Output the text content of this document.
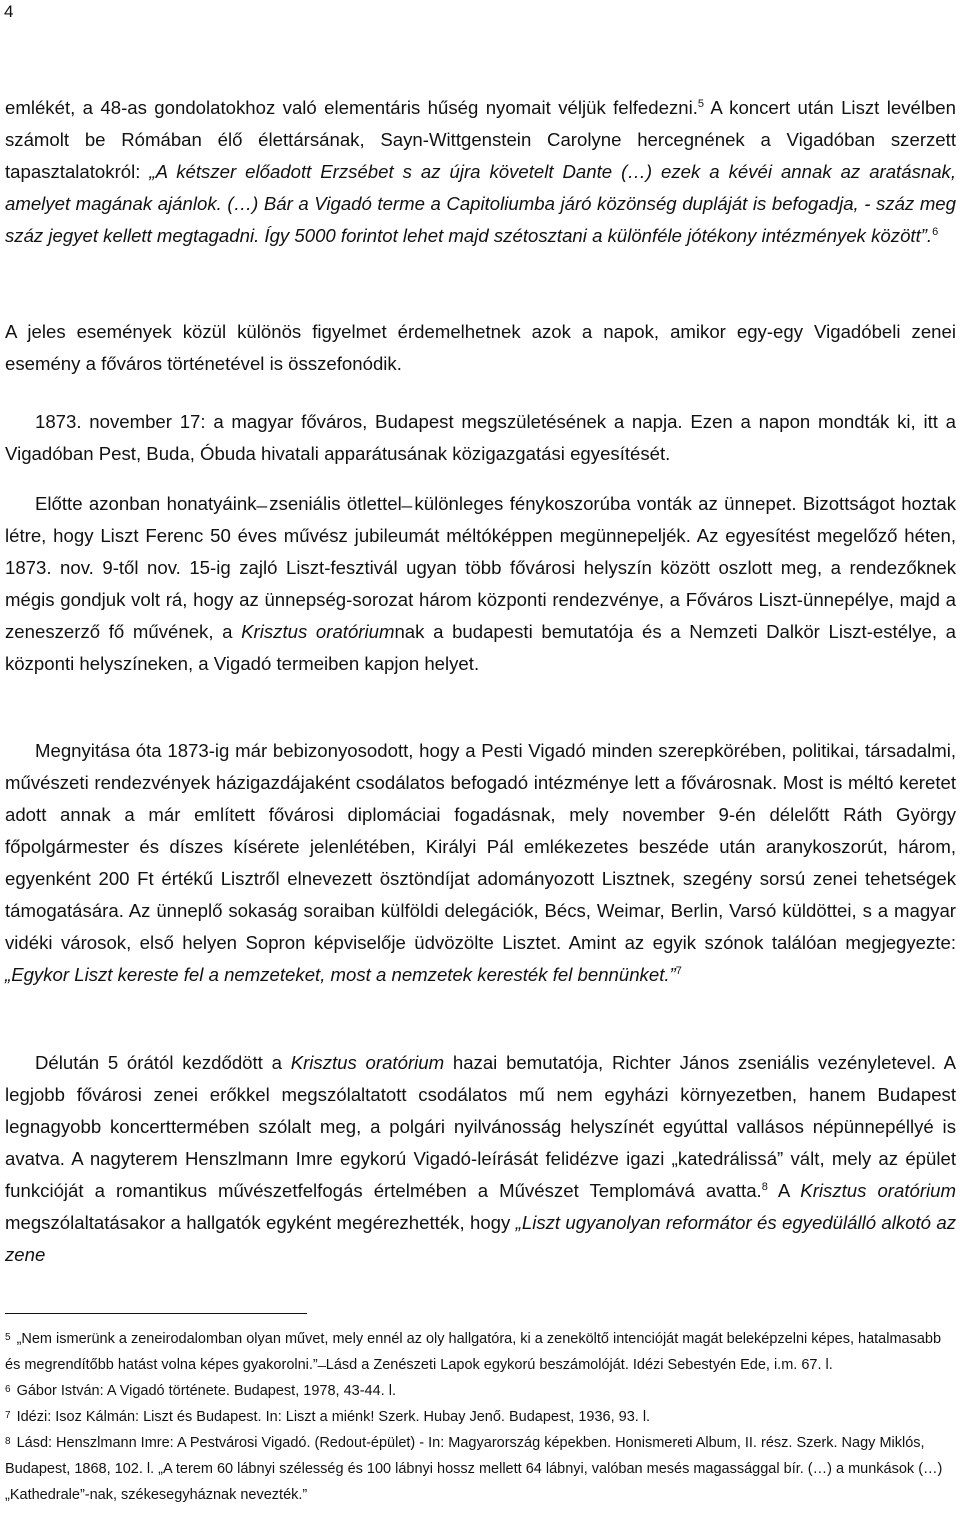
4

emlékét, a 48-as gondolatokhoz való elementáris hűség nyomait véljük felfedezni.$^5$ A koncert után Liszt levélben számolt be Rómában élő élettársának, Sayn-Wittgenstein Carolyne hercegnének a Vigadóban szerzett tapasztalatokról: „A kétszer előadott Erzsébet s az újra követelt Dante (…) ezek a kévéi annak az aratásnak, amelyet magának ajánlok. (…) Bár a Vigadó terme a Capitoliumba járó közönség dupláját is befogadja, - száz meg száz jegyet kellett megtagadni. Így 5000 forintot lehet majd szétosztani a különféle jótékony intézmények között”.$^6$

A jeles események közül különös figyelmet érdemelhetnek azok a napok, amikor egy-egy Vigadóbeli zenei esemény a főváros történetével is összefonódik.

1873. november 17: a magyar főváros, Budapest megszületésének a napja. Ezen a napon mondták ki, itt a Vigadóban Pest, Buda, Óbuda hivatali apparátusának közigazgatási egyesítését.

Előtte azonban honatyáink ̶ zseniális ötlettel ̶ különleges fénykoszorúba vonták az ünnepet. Bizottságot hoztak létre, hogy Liszt Ferenc 50 éves művész jubileumát méltóképpen megünnepeljék. Az egyesítést megelőző héten, 1873. nov. 9-től nov. 15-ig zajló Liszt-fesztivál ugyan több fővárosi helyszín között oszlott meg, a rendezőknek mégis gondjuk volt rá, hogy az ünnepség-sorozat három központi rendezvénye, a Főváros Liszt-ünnepélye, majd a zeneszerző fő művének, a Krisztus oratóriumnak a budapesti bemutatója és a Nemzeti Dalkör Liszt-estélye, a központi helyszíneken, a Vigadó termeiben kapjon helyet.

Megnyitása óta 1873-ig már bebizonyosodott, hogy a Pesti Vigadó minden szerepkörében, politikai, társadalmi, művészeti rendezvények házigazdájaként csodálatos befogadó intézménye lett a fővárosnak. Most is méltó keretet adott annak a már említett fővárosi diplomáciai fogadásnak, mely november 9-én délelőtt Ráth György főpolgármester és díszes kísérete jelenlétében, Királyi Pál emlékezetes beszéde után aranykoszorút, három, egyenként 200 Ft értékű Lisztről elnevezett ösztöndíjat adományozott Lisztnek, szegény sorsú zenei tehetségek támogatására. Az ünneplő sokaság soraiban külföldi delegációk, Bécs, Weimar, Berlin, Varsó küldöttei, s a magyar vidéki városok, első helyen Sopron képviselője üdvözölte Lisztet. Amint az egyik szónok találóan megjegyezte: „Egykor Liszt kereste fel a nemzeteket, most a nemzetek keresték fel bennünket.”$^7$

Délután 5 órától kezdődött a Krisztus oratórium hazai bemutatója, Richter János zseniális vezényletevel. A legjobb fővárosi zenei erőkkel megszólaltatott csodálatos mű nem egyházi környezetben, hanem Budapest legnagyobb koncerttermében szólalt meg, a polgári nyilvánosság helyszínét egyúttal vallásos népünnepéllyé is avatva. A nagyterem Henszlmann Imre egykorú Vigadó-leírását felidézve igazi „katedrálissá” vált, mely az épület funkcióját a romantikus művészetfelfogás értelmében a Művészet Templomává avatta.$^8$ A Krisztus oratórium megszólaltatásakor a hallgatók egyként megérezhették, hogy „Liszt ugyanolyan reformátor és egyedülálló alkotó az zene

$^5$ „Nem ismerünk a zeneirodalomban olyan művet, mely ennél az oly hallgatóra, ki a zeneköltő intencióját magát beleképzelni képes, hatalmasabb és megrendítőbb hatást volna képes gyakorolni.” ̶ Lásd a Zenészeti Lapok egykorú beszámolóját. Idézi Sebestyén Ede, i.m. 67. l.

$^6$ Gábor István: A Vigadó története. Budapest, 1978, 43-44. l.

$^7$ Idézi: Isoz Kálmán: Liszt és Budapest. In: Liszt a miénk! Szerk. Hubay Jenő. Budapest, 1936, 93. l.

$^8$ Lásd: Henszlmann Imre: A Pestvárosi Vigadó. (Redout-épület) - In: Magyarország képekben. Honismereti Album, II. rész. Szerk. Nagy Miklós, Budapest, 1868, 102. l. „A terem 60 lábnyi szélesség és 100 lábnyi hossz mellett 64 lábnyi, valóban mesés magassággal bír. (…) a munkások (…) „Kathedrale”-nak, székesegyháznak nevezték.”
